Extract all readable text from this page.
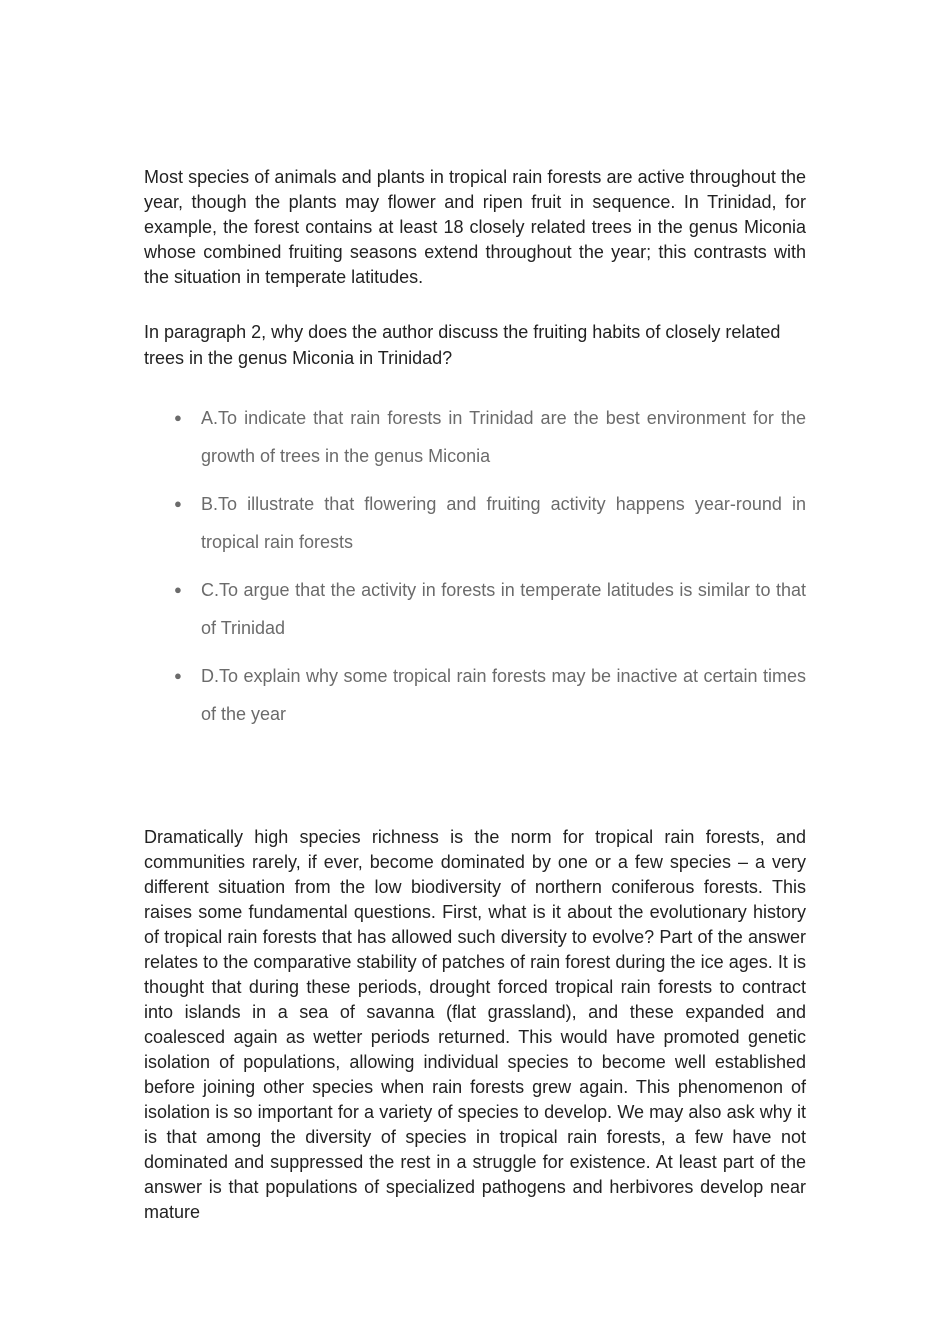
Most species of animals and plants in tropical rain forests are active throughout the year, though the plants may flower and ripen fruit in sequence. In Trinidad, for example, the forest contains at least 18 closely related trees in the genus Miconia whose combined fruiting seasons extend throughout the year; this contrasts with the situation in temperate latitudes.

In paragraph 2, why does the author discuss the fruiting habits of closely related trees in the genus Miconia in Trinidad?

● A.To indicate that rain forests in Trinidad are the best environment for the growth of trees in the genus Miconia
● B.To illustrate that flowering and fruiting activity happens year-round in tropical rain forests
● C.To argue that the activity in forests in temperate latitudes is similar to that of Trinidad
● D.To explain why some tropical rain forests may be inactive at certain times of the year

Dramatically high species richness is the norm for tropical rain forests, and communities rarely, if ever, become dominated by one or a few species – a very different situation from the low biodiversity of northern coniferous forests. This raises some fundamental questions. First, what is it about the evolutionary history of tropical rain forests that has allowed such diversity to evolve? Part of the answer relates to the comparative stability of patches of rain forest during the ice ages. It is thought that during these periods, drought forced tropical rain forests to contract into islands in a sea of savanna (flat grassland), and these expanded and coalesced again as wetter periods returned. This would have promoted genetic isolation of populations, allowing individual species to become well established before joining other species when rain forests grew again. This phenomenon of isolation is so important for a variety of species to develop. We may also ask why it is that among the diversity of species in tropical rain forests, a few have not dominated and suppressed the rest in a struggle for existence. At least part of the answer is that populations of specialized pathogens and herbivores develop near mature
